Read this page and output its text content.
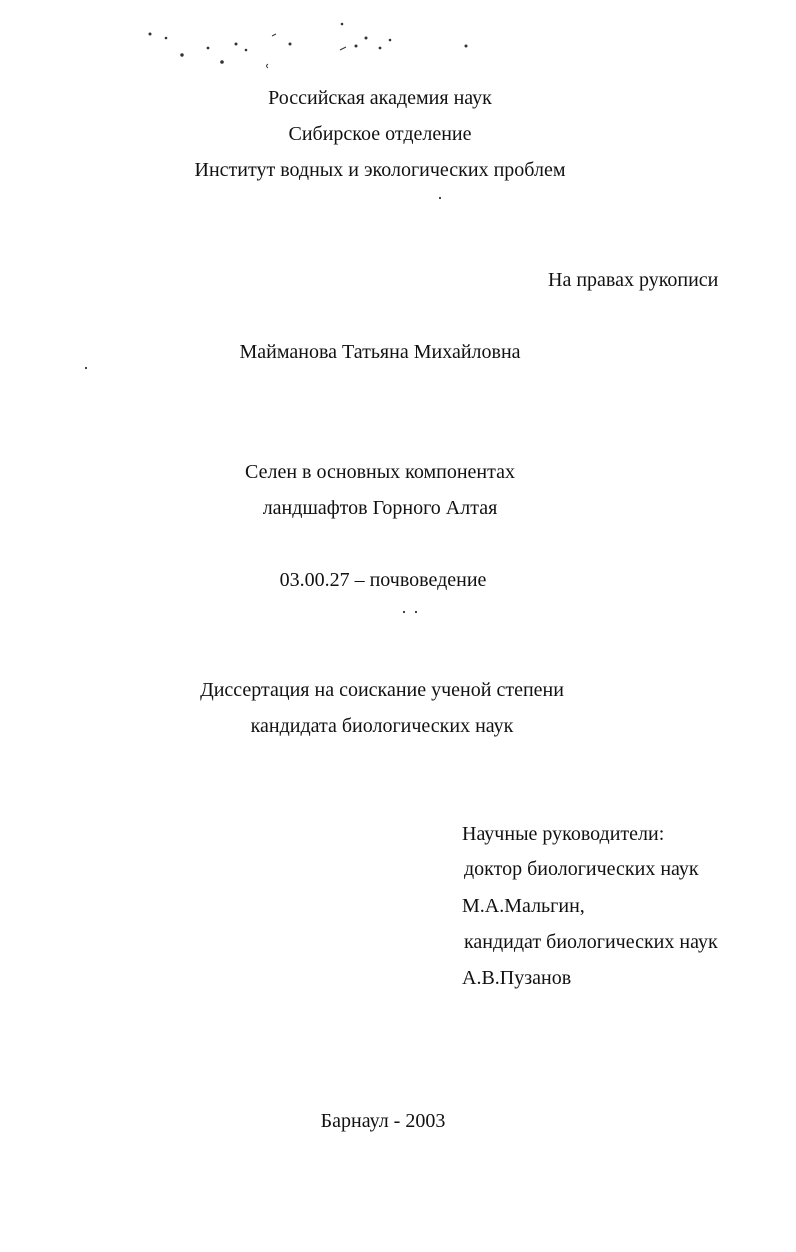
Российская академия наук
Сибирское отделение
Институт водных и экологических проблем
На правах рукописи
Майманова Татьяна Михайловна
Селен в основных компонентах
ландшафтов Горного Алтая
03.00.27 – почвоведение
Диссертация на соискание ученой степени
кандидата биологических наук
Научные руководители:
доктор биологических наук
М.А.Мальгин,
кандидат биологических наук
А.В.Пузанов
Барнаул - 2003
